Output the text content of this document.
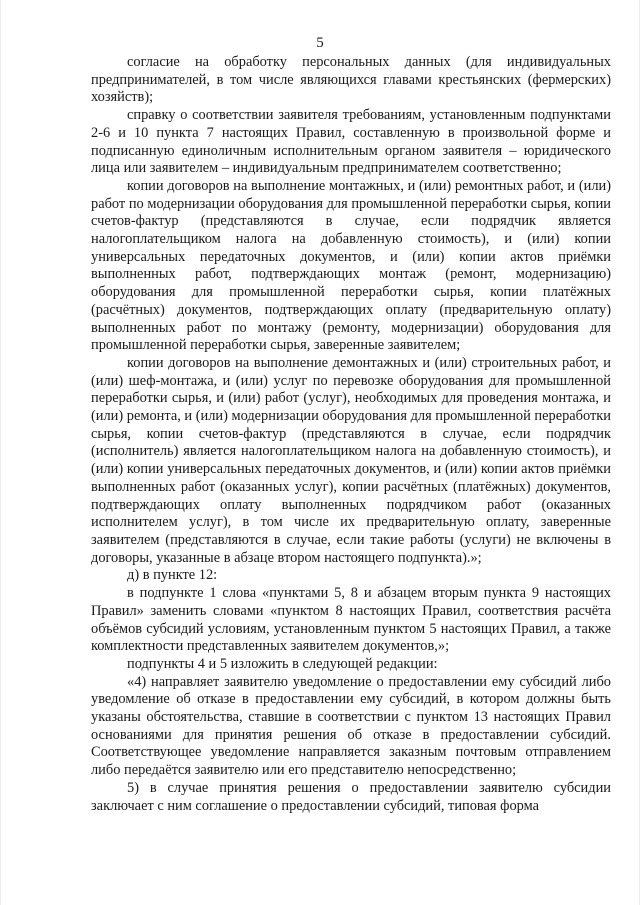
5

согласие на обработку персональных данных (для индивидуальных предпринимателей, в том числе являющихся главами крестьянских (фермерских) хозяйств);

справку о соответствии заявителя требованиям, установленным подпунктами 2-6 и 10 пункта 7 настоящих Правил, составленную в произвольной форме и подписанную единоличным исполнительным органом заявителя – юридического лица или заявителем – индивидуальным предпринимателем соответственно;

копии договоров на выполнение монтажных, и (или) ремонтных работ, и (или) работ по модернизации оборудования для промышленной переработки сырья, копии счетов-фактур (представляются в случае, если подрядчик является налогоплательщиком налога на добавленную стоимость), и (или) копии универсальных передаточных документов, и (или) копии актов приёмки выполненных работ, подтверждающих монтаж (ремонт, модернизацию) оборудования для промышленной переработки сырья, копии платёжных (расчётных) документов, подтверждающих оплату (предварительную оплату) выполненных работ по монтажу (ремонту, модернизации) оборудования для промышленной переработки сырья, заверенные заявителем;

копии договоров на выполнение демонтажных и (или) строительных работ, и (или) шеф-монтажа, и (или) услуг по перевозке оборудования для промышленной переработки сырья, и (или) работ (услуг), необходимых для проведения монтажа, и (или) ремонта, и (или) модернизации оборудования для промышленной переработки сырья, копии счетов-фактур (представляются в случае, если подрядчик (исполнитель) является налогоплательщиком налога на добавленную стоимость), и (или) копии универсальных передаточных документов, и (или) копии актов приёмки выполненных работ (оказанных услуг), копии расчётных (платёжных) документов, подтверждающих оплату выполненных подрядчиком работ (оказанных исполнителем услуг), в том числе их предварительную оплату, заверенные заявителем (представляются в случае, если такие работы (услуги) не включены в договоры, указанные в абзаце втором настоящего подпункта).»;

д) в пункте 12:

в подпункте 1 слова «пунктами 5, 8 и абзацем вторым пункта 9 настоящих Правил» заменить словами «пунктом 8 настоящих Правил, соответствия расчёта объёмов субсидий условиям, установленным пунктом 5 настоящих Правил, а также комплектности представленных заявителем документов,»;

подпункты 4 и 5 изложить в следующей редакции:

«4) направляет заявителю уведомление о предоставлении ему субсидий либо уведомление об отказе в предоставлении ему субсидий, в котором должны быть указаны обстоятельства, ставшие в соответствии с пунктом 13 настоящих Правил основаниями для принятия решения об отказе в предоставлении субсидий. Соответствующее уведомление направляется заказным почтовым отправлением либо передаётся заявителю или его представителю непосредственно;

5) в случае принятия решения о предоставлении заявителю субсидии заключает с ним соглашение о предоставлении субсидий, типовая форма
